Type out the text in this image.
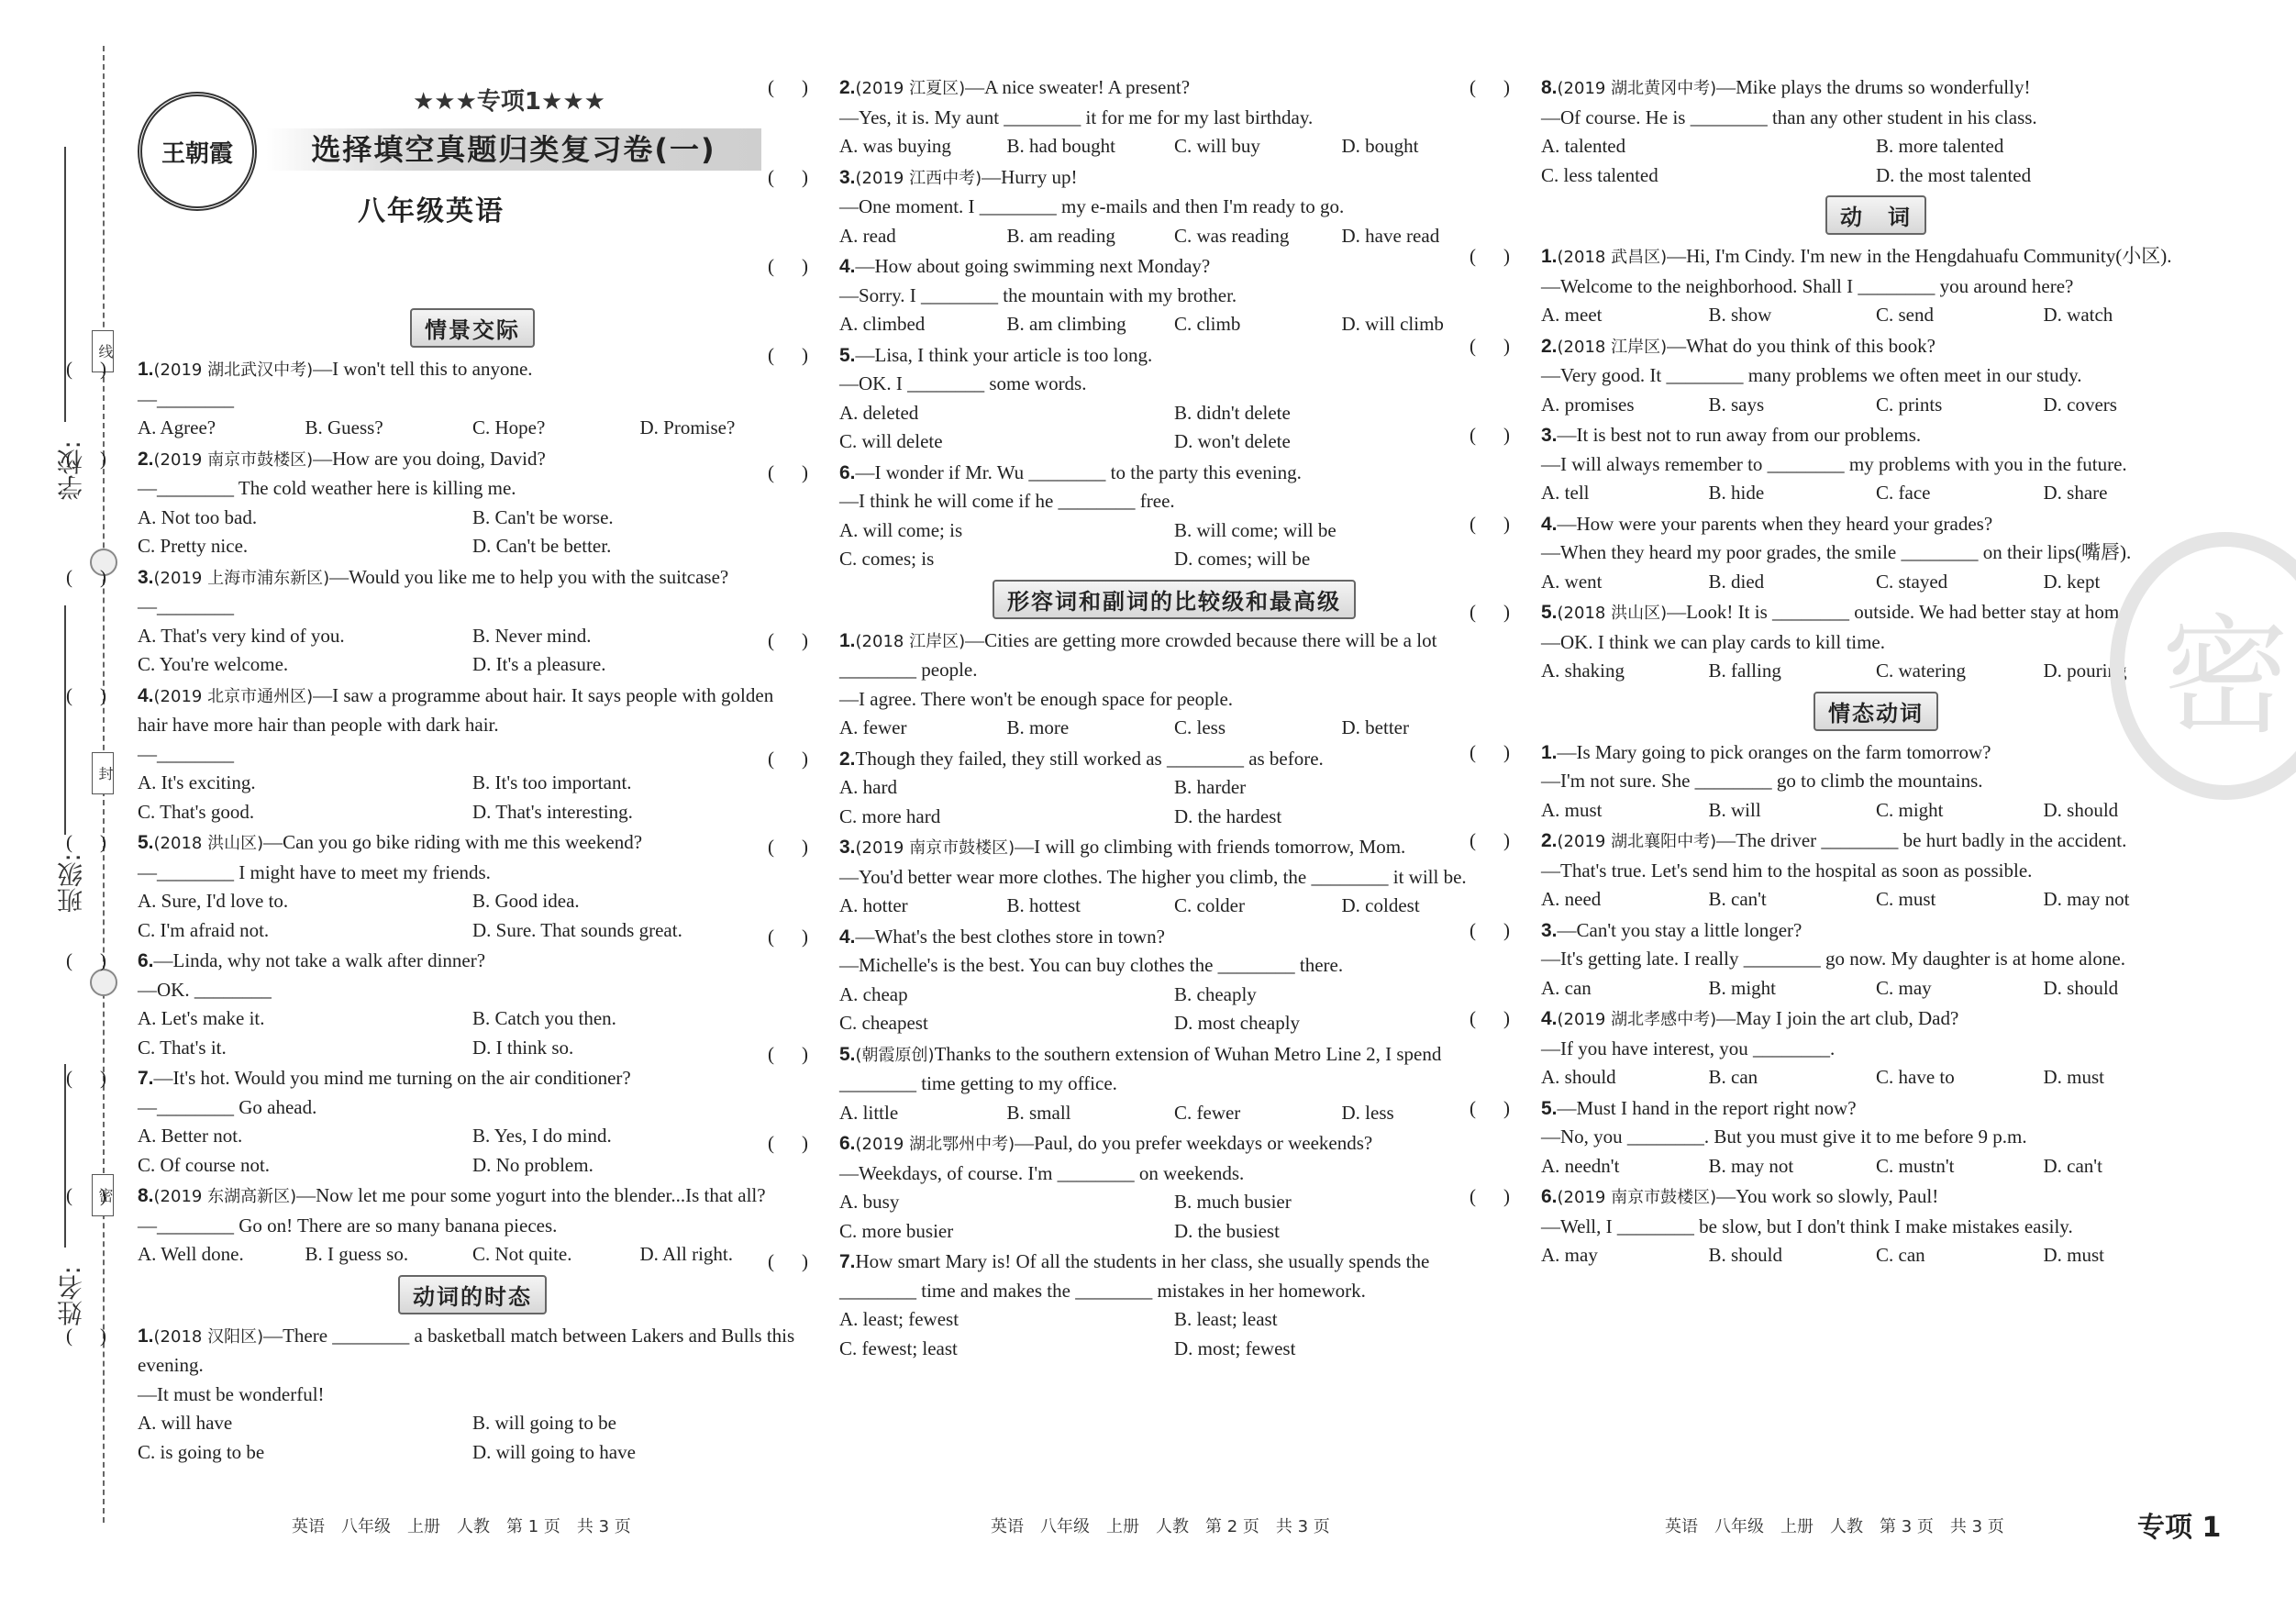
学校:
班级:
姓名:
线
封
密
王朝霞
★★★专项1★★★
选择填空真题归类复习卷(一)
八年级英语
情景交际
1.(2019 湖北武汉中考)—I won't tell this to anyone.
—________
A. Agree?	B. Guess?	C. Hope?	D. Promise?
2.(2019 南京市鼓楼区)—How are you doing, David?
—________ The cold weather here is killing me.
A. Not too bad.	B. Can't be worse.
C. Pretty nice.	D. Can't be better.
3.(2019 上海市浦东新区)—Would you like me to help you with the suitcase?
—________
A. That's very kind of you.	B. Never mind.
C. You're welcome.	D. It's a pleasure.
4.(2019 北京市通州区)—I saw a programme about hair. It says people with golden hair have more hair than people with dark hair.
—________
A. It's exciting.	B. It's too important.
C. That's good.	D. That's interesting.
5.(2018 洪山区)—Can you go bike riding with me this weekend?
—________ I might have to meet my friends.
A. Sure, I'd love to.	B. Good idea.
C. I'm afraid not.	D. Sure. That sounds great.
6.—Linda, why not take a walk after dinner?
—OK. ________
A. Let's make it.	B. Catch you then.
C. That's it.	D. I think so.
7.—It's hot. Would you mind me turning on the air conditioner?
—________ Go ahead.
A. Better not.	B. Yes, I do mind.
C. Of course not.	D. No problem.
8.(2019 东湖高新区)—Now let me pour some yogurt into the blender...Is that all?
—________ Go on! There are so many banana pieces.
A. Well done.	B. I guess so.	C. Not quite.	D. All right.
动词的时态
1.(2018 汉阳区)—There ________ a basketball match between Lakers and Bulls this evening.
—It must be wonderful!
A. will have	B. will going to be
C. is going to be	D. will going to have
2.(2019 江夏区)—A nice sweater! A present?
—Yes, it is. My aunt ________ it for me for my last birthday.
A. was buying	B. had bought	C. will buy	D. bought
3.(2019 江西中考)—Hurry up!
—One moment. I ________ my e-mails and then I'm ready to go.
A. read	B. am reading	C. was reading	D. have read
4.—How about going swimming next Monday?
—Sorry. I ________ the mountain with my brother.
A. climbed	B. am climbing	C. climb	D. will climb
5.—Lisa, I think your article is too long.
—OK. I ________ some words.
A. deleted	B. didn't delete
C. will delete	D. won't delete
6.—I wonder if Mr. Wu ________ to the party this evening.
—I think he will come if he ________ free.
A. will come; is	B. will come; will be
C. comes; is	D. comes; will be
形容词和副词的比较级和最高级
1.(2018 江岸区)—Cities are getting more crowded because there will be a lot ________ people.
—I agree. There won't be enough space for people.
A. fewer	B. more	C. less	D. better
2.Though they failed, they still worked as ________ as before.
A. hard	B. harder
C. more hard	D. the hardest
3.(2019 南京市鼓楼区)—I will go climbing with friends tomorrow, Mom.
—You'd better wear more clothes. The higher you climb, the ________ it will be.
A. hotter	B. hottest	C. colder	D. coldest
4.—What's the best clothes store in town?
—Michelle's is the best. You can buy clothes the ________ there.
A. cheap	B. cheaply
C. cheapest	D. most cheaply
5.(朝霞原创)Thanks to the southern extension of Wuhan Metro Line 2, I spend ________ time getting to my office.
A. little	B. small	C. fewer	D. less
6.(2019 湖北鄂州中考)—Paul, do you prefer weekdays or weekends?
—Weekdays, of course. I'm ________ on weekends.
A. busy	B. much busier
C. more busier	D. the busiest
7.How smart Mary is! Of all the students in her class, she usually spends the ________ time and makes the ________ mistakes in her homework.
A. least; fewest	B. least; least
C. fewest; least	D. most; fewest
8.(2019 湖北黄冈中考)—Mike plays the drums so wonderfully!
—Of course. He is ________ than any other student in his class.
A. talented	B. more talented
C. less talented	D. the most talented
动　词
1.(2018 武昌区)—Hi, I'm Cindy. I'm new in the Hengdahuafu Community(小区).
—Welcome to the neighborhood. Shall I ________ you around here?
A. meet	B. show	C. send	D. watch
2.(2018 江岸区)—What do you think of this book?
—Very good. It ________ many problems we often meet in our study.
A. promises	B. says	C. prints	D. covers
3.—It is best not to run away from our problems.
—I will always remember to ________ my problems with you in the future.
A. tell	B. hide	C. face	D. share
4.—How were your parents when they heard your grades?
—When they heard my poor grades, the smile ________ on their lips(嘴唇).
A. went	B. died	C. stayed	D. kept
5.(2018 洪山区)—Look! It is ________ outside. We had better stay at home.
—OK. I think we can play cards to kill time.
A. shaking	B. falling	C. watering	D. pouring
情态动词
1.—Is Mary going to pick oranges on the farm tomorrow?
—I'm not sure. She ________ go to climb the mountains.
A. must	B. will	C. might	D. should
2.(2019 湖北襄阳中考)—The driver ________ be hurt badly in the accident.
—That's true. Let's send him to the hospital as soon as possible.
A. need	B. can't	C. must	D. may not
3.—Can't you stay a little longer?
—It's getting late. I really ________ go now. My daughter is at home alone.
A. can	B. might	C. may	D. should
4.(2019 湖北孝感中考)—May I join the art club, Dad?
—If you have interest, you ________.
A. should	B. can	C. have to	D. must
5.—Must I hand in the report right now?
—No, you ________. But you must give it to me before 9 p.m.
A. needn't	B. may not	C. mustn't	D. can't
6.(2019 南京市鼓楼区)—You work so slowly, Paul!
—Well, I ________ be slow, but I don't think I make mistakes easily.
A. may	B. should	C. can	D. must
密
英语　八年级　上册　人教　第 1 页　共 3 页	英语　八年级　上册　人教　第 2 页　共 3 页	英语　八年级　上册　人教　第 3 页　共 3 页	专项 1
